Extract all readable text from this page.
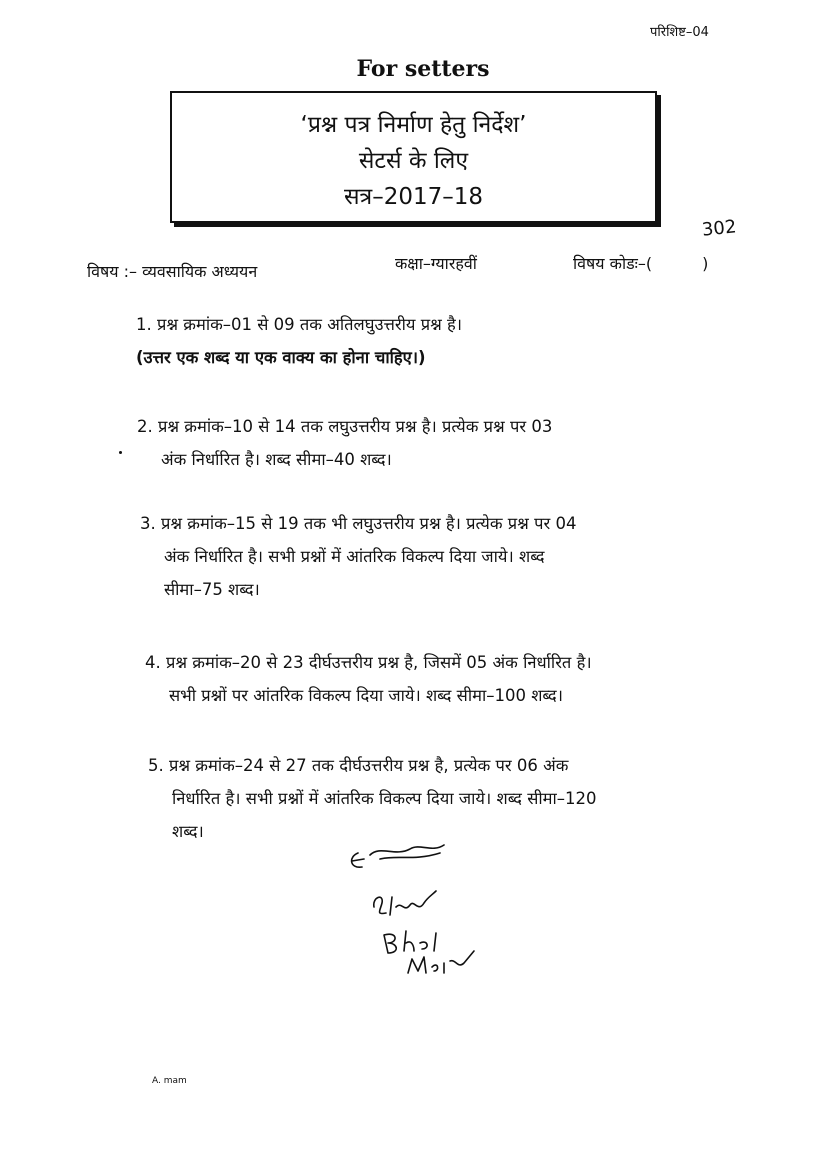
परिशिष्ट–04
For setters
‘प्रश्न पत्र निर्माण हेतु निर्देश’
सेटर्स के लिए
सत्र–2017–18
विषय :– व्यवसायिक अध्ययन	कक्षा–ग्यारहवीं	विषय कोडः–(	)
302
1. प्रश्न क्रमांक–01 से 09 तक अतिलघुउत्तरीय प्रश्न है।
(उत्तर एक शब्द या एक वाक्य का होना चाहिए।)
2. प्रश्न क्रमांक–10 से 14 तक लघुउत्तरीय प्रश्न है। प्रत्येक प्रश्न पर 03
अंक निर्धारित है। शब्द सीमा–40 शब्द।
3. प्रश्न क्रमांक–15 से 19 तक भी लघुउत्तरीय प्रश्न है। प्रत्येक प्रश्न पर 04
अंक निर्धारित है। सभी प्रश्नों में आंतरिक विकल्प दिया जाये। शब्द
सीमा–75 शब्द।
4. प्रश्न क्रमांक–20 से 23 दीर्घउत्तरीय प्रश्न है, जिसमें 05 अंक निर्धारित है।
सभी प्रश्नों पर आंतरिक विकल्प दिया जाये। शब्द सीमा–100 शब्द।
5. प्रश्न क्रमांक–24 से 27 तक दीर्घउत्तरीय प्रश्न है, प्रत्येक पर 06 अंक
निर्धारित है। सभी प्रश्नों में आंतरिक विकल्प दिया जाये। शब्द सीमा–120
शब्द।
A. mam
